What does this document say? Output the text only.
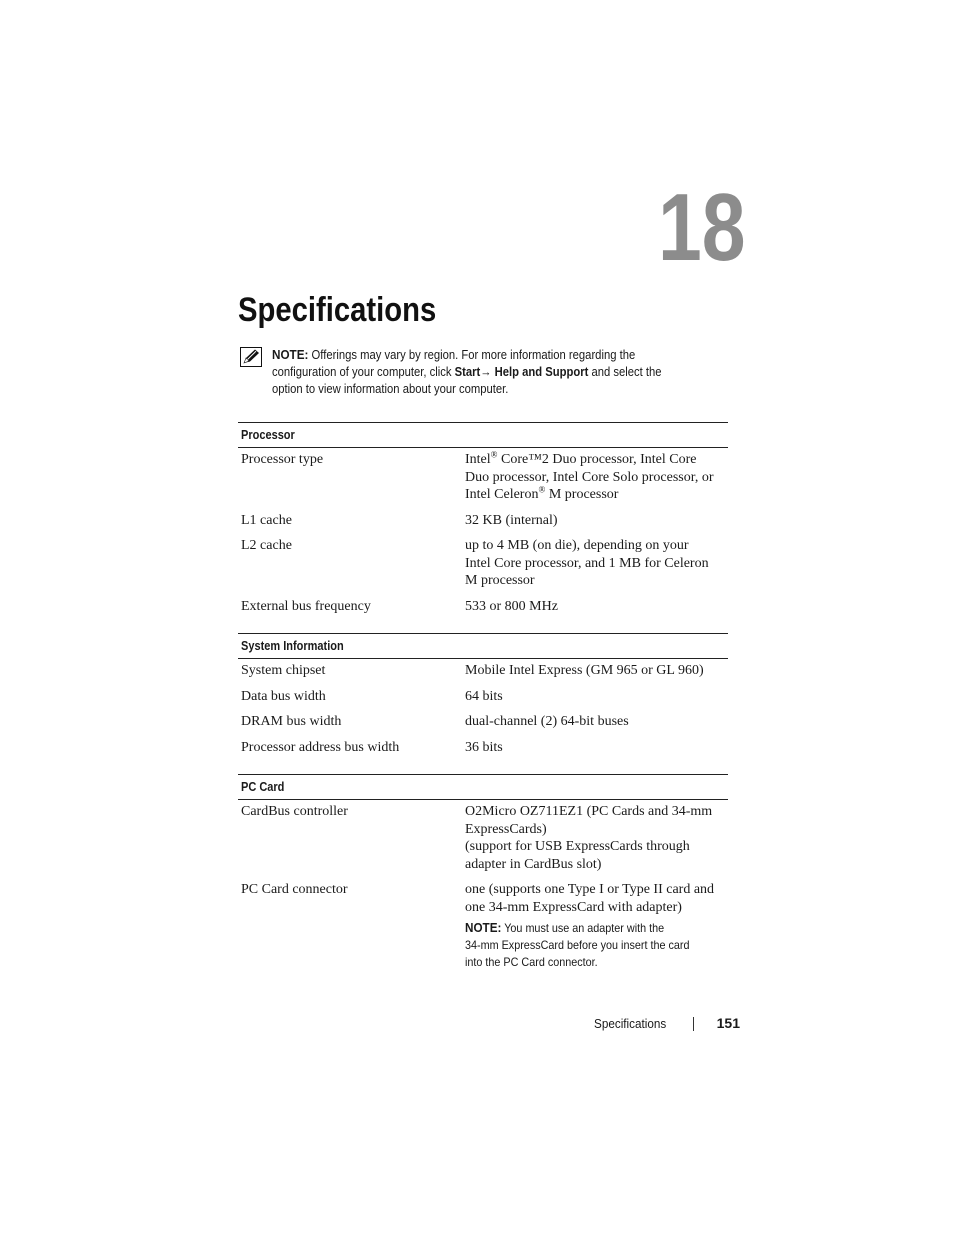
18
Specifications
NOTE: Offerings may vary by region. For more information regarding the
configuration of your computer, click Start→ Help and Support and select the
option to view information about your computer.
Processor
Processor type	Intel® Core™2 Duo processor, Intel Core
Duo processor, Intel Core Solo processor, or
Intel Celeron® M processor
L1 cache	32 KB (internal)
L2 cache	up to 4 MB (on die), depending on your
Intel Core processor, and 1 MB for Celeron
M processor
External bus frequency	533 or 800 MHz
System Information
System chipset	Mobile Intel Express (GM 965 or GL 960)
Data bus width	64 bits
DRAM bus width	dual-channel (2) 64-bit buses
Processor address bus width	36 bits
PC Card
CardBus controller	O2Micro OZ711EZ1 (PC Cards and 34-mm
ExpressCards)
(support for USB ExpressCards through
adapter in CardBus slot)
PC Card connector	one (supports one Type I or Type II card and
one 34-mm ExpressCard with adapter)
NOTE: You must use an adapter with the
34-mm ExpressCard before you insert the card
into the PC Card connector.
Specifications	151
